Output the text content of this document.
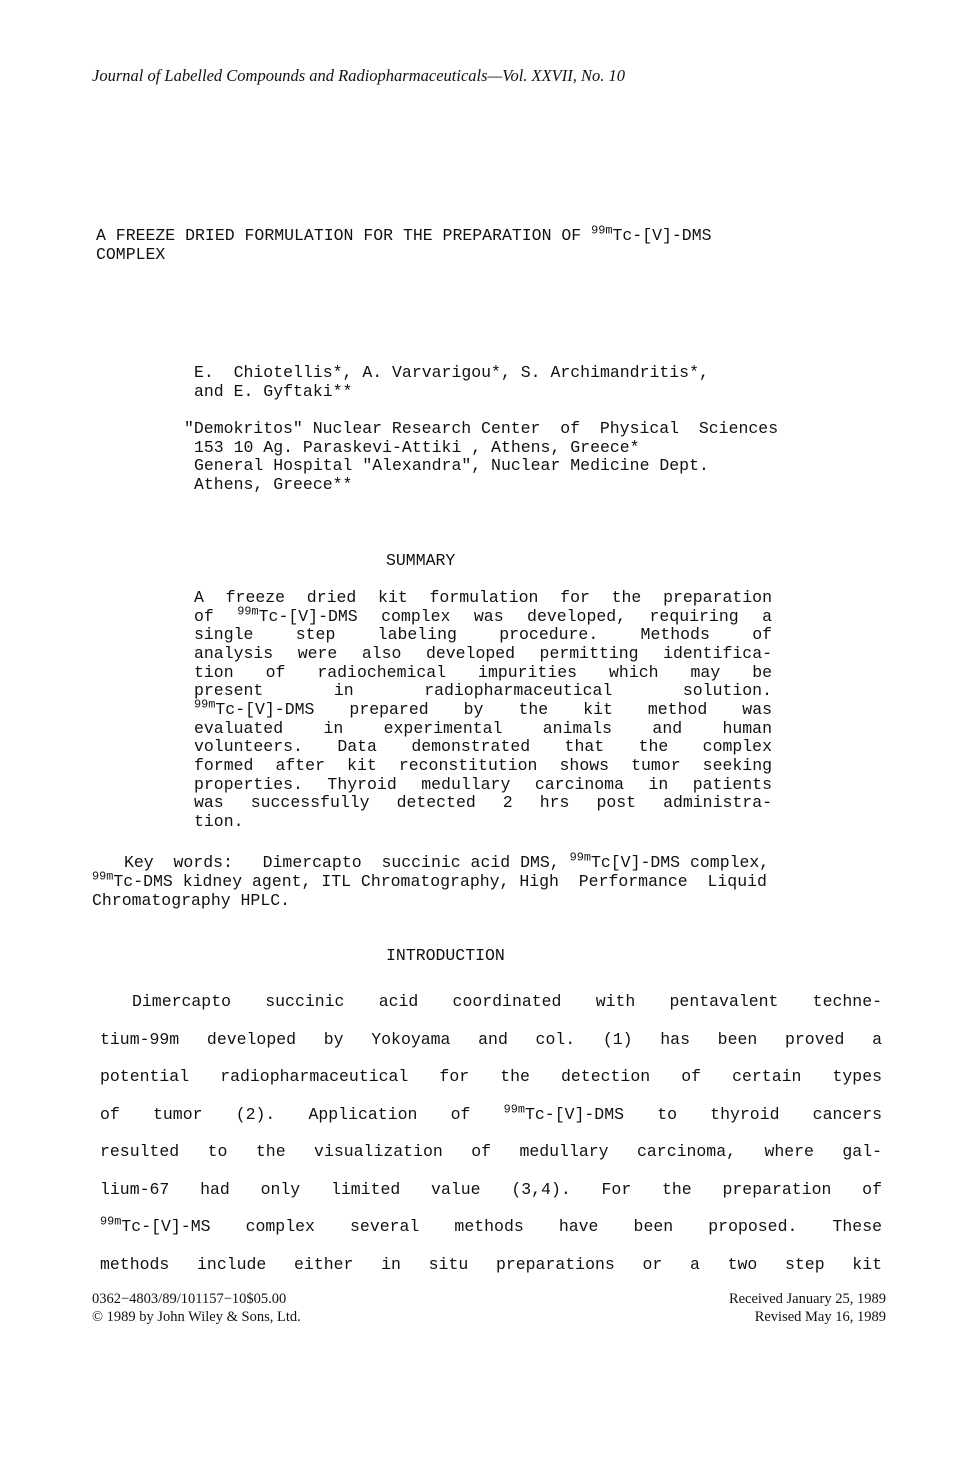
Journal of Labelled Compounds and Radiopharmaceuticals—Vol. XXVII, No. 10

A FREEZE DRIED FORMULATION FOR THE PREPARATION OF $^{99m}$Tc-[V]-DMS

COMPLEX

E.  Chiotellis*, A. Varvarigou*, S. Archimandritis*,

and E. Gyftaki**

"Demokritos" Nuclear Research Center  of  Physical  Sciences

153 10 Ag. Paraskevi-Attiki , Athens, Greece*

General Hospital "Alexandra", Nuclear Medicine Dept.

Athens, Greece**

SUMMARY
A freeze dried kit formulation for the preparation
of $^{99m}$Tc-[V]-DMS complex was developed, requiring a
single step labeling procedure. Methods of
analysis were also developed permitting identifica-
tion of radiochemical impurities which may be
present in radiopharmaceutical solution.
$^{99m}$Tc-[V]-DMS prepared by the kit method was
evaluated in experimental animals and human
volunteers. Data demonstrated that the complex
formed after kit reconstitution shows tumor seeking
properties. Thyroid medullary carcinoma in patients
was successfully detected 2 hrs post administra-
tion.

Key  words:   Dimercapto  succinic acid DMS, $^{99m}$Tc[V]-DMS complex,

$^{99m}$Tc-DMS kidney agent, ITL Chromatography, High  Performance  Liquid

Chromatography HPLC.

INTRODUCTION
Dimercapto succinic acid coordinated with pentavalent techne-
tium-99m developed by Yokoyama and col. (1) has been proved a
potential radiopharmaceutical for the detection of certain types
of tumor (2). Application of $^{99m}$Tc-[V]-DMS to thyroid cancers
resulted to the visualization of medullary carcinoma, where gal-
lium-67 had only limited value (3,4). For the preparation of
$^{99m}$Tc-[V]-MS complex several methods have been proposed. These
methods include either in situ preparations or a two step kit
0362−4803/89/101157−10$05.00
© 1989 by John Wiley & Sons, Ltd.
Received January 25, 1989
Revised May 16, 1989
